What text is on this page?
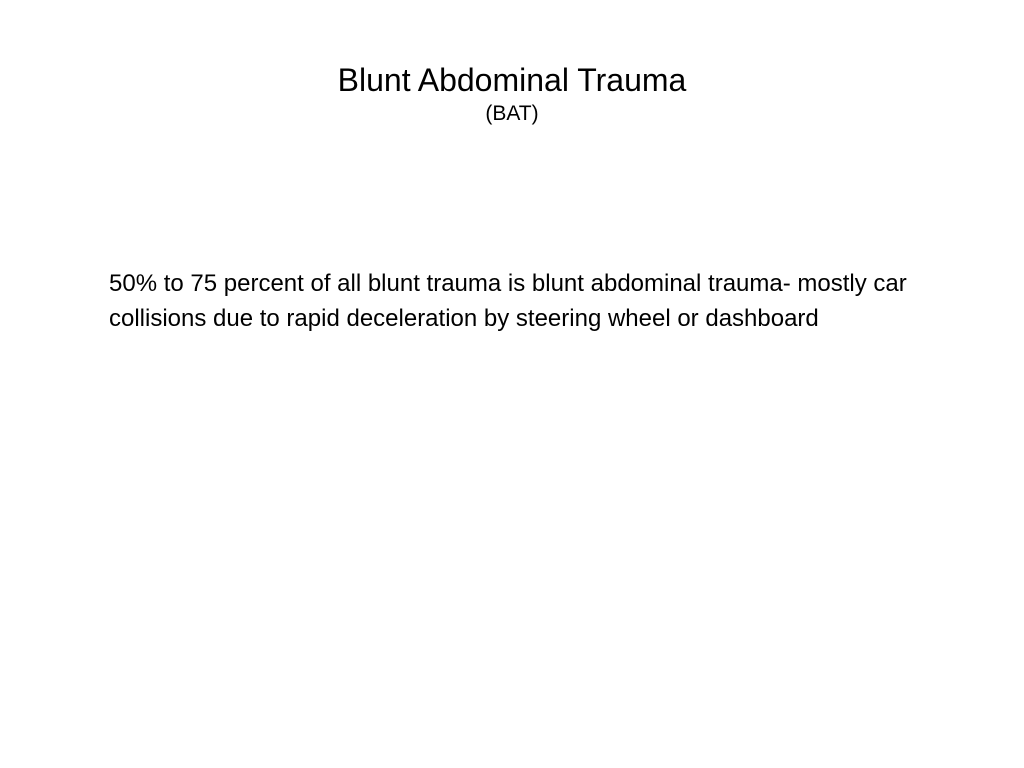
Blunt Abdominal Trauma
(BAT)

50% to 75 percent of all blunt trauma is blunt abdominal trauma- mostly car collisions due to rapid deceleration by steering wheel or dashboard
